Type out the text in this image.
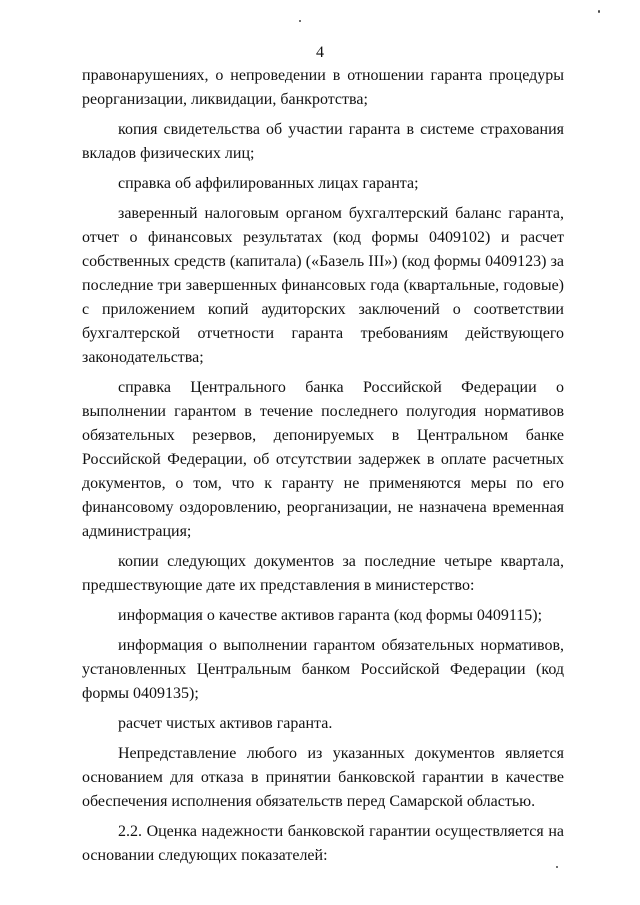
4

правонарушениях, о непроведении в отношении гаранта процедуры реорганизации, ликвидации, банкротства;

копия свидетельства об участии гаранта в системе страхования вкладов физических лиц;

справка об аффилированных лицах гаранта;

заверенный налоговым органом бухгалтерский баланс гаранта, отчет о финансовых результатах (код формы 0409102) и расчет собственных средств (капитала) («Базель III») (код формы 0409123) за последние три завершенных финансовых года (квартальные, годовые) с приложением копий аудиторских заключений о соответствии бухгалтерской отчетности гаранта требованиям действующего законодательства;

справка Центрального банка Российской Федерации о выполнении гарантом в течение последнего полугодия нормативов обязательных резервов, депонируемых в Центральном банке Российской Федерации, об отсутствии задержек в оплате расчетных документов, о том, что к гаранту не применяются меры по его финансовому оздоровлению, реорганизации, не назначена временная администрация;

копии следующих документов за последние четыре квартала, предшествующие дате их представления в министерство:

информация о качестве активов гаранта (код формы 0409115);

информация о выполнении гарантом обязательных нормативов, установленных Центральным банком Российской Федерации (код формы 0409135);

расчет чистых активов гаранта.

Непредставление любого из указанных документов является основанием для отказа в принятии банковской гарантии в качестве обеспечения исполнения обязательств перед Самарской областью.

2.2. Оценка надежности банковской гарантии осуществляется на основании следующих показателей:
